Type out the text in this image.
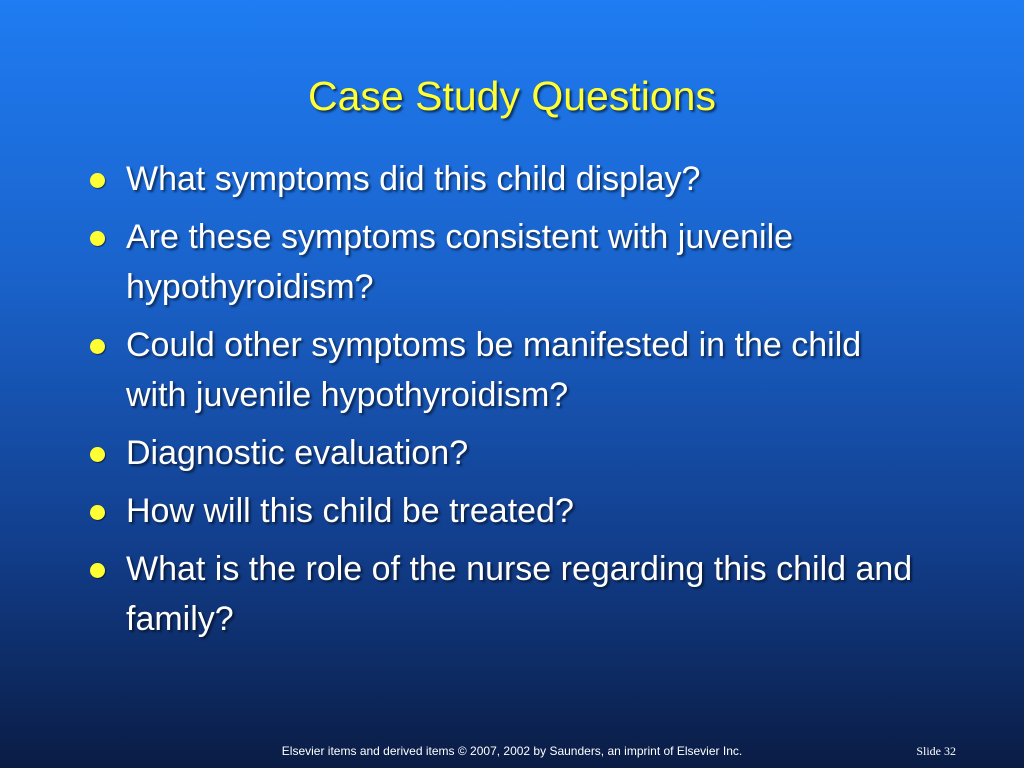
Case Study Questions
What symptoms did this child display?
Are these symptoms consistent with juvenile hypothyroidism?
Could other symptoms be manifested in the child with juvenile hypothyroidism?
Diagnostic evaluation?
How will this child be treated?
What is the role of the nurse regarding this child and family?
Elsevier items and derived items © 2007, 2002 by Saunders, an imprint of Elsevier Inc.	Slide 32
